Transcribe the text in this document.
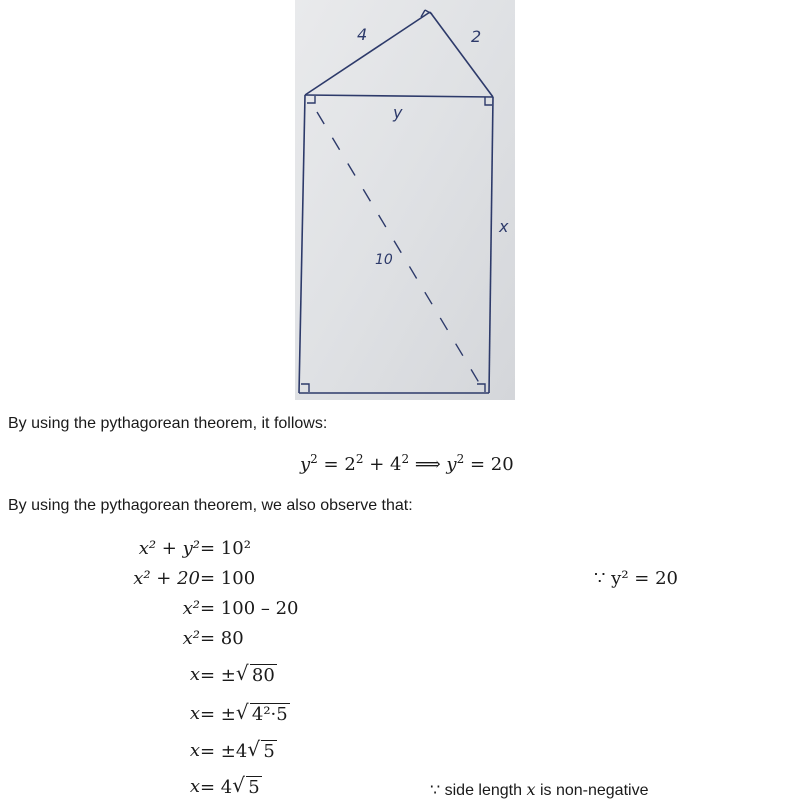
4	2
y
x
10
By using the pythagorean theorem, it follows:
$y^2 = 2^2 + 4^2$ ⟹ $y^2 = 20$
By using the pythagorean theorem, we also observe that:
x² + y² = 10²
x² + 20 = 100
x² = 100 – 20
x² = 80
x = ± √ 80
x = ± √ 4²·5
x = ±4 √ 5
x = 4 √ 5
∵ y² = 20
∵ side length x is non-negative
